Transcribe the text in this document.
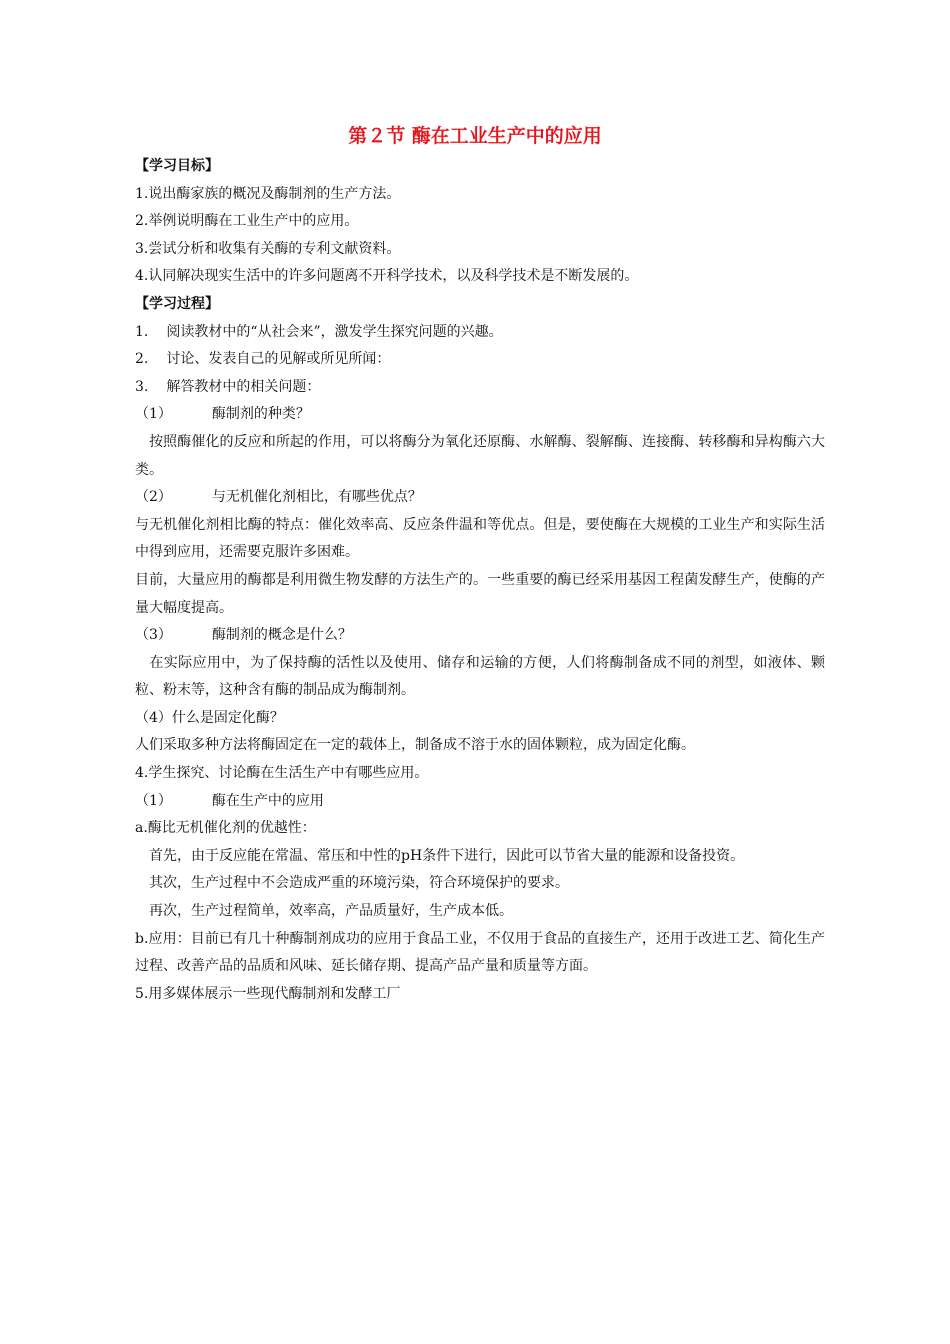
第２节 酶在工业生产中的应用
【学习目标】
1.说出酶家族的概况及酶制剂的生产方法。
2.举例说明酶在工业生产中的应用。
3.尝试分析和收集有关酶的专利文献资料。
4.认同解决现实生活中的许多问题离不开科学技术，以及科学技术是不断发展的。
【学习过程】
1. 阅读教材中的“从社会来”，激发学生探究问题的兴趣。
2. 讨论、发表自己的见解或所见所闻：
3. 解答教材中的相关问题：
（1）	酶制剂的种类？
　按照酶催化的反应和所起的作用，可以将酶分为氧化还原酶、水解酶、裂解酶、连接酶、转移酶和异构酶六大类。
（2）	与无机催化剂相比，有哪些优点？
与无机催化剂相比酶的特点：催化效率高、反应条件温和等优点。但是，要使酶在大规模的工业生产和实际生活中得到应用，还需要克服许多困难。
目前，大量应用的酶都是利用微生物发酵的方法生产的。一些重要的酶已经采用基因工程菌发酵生产，使酶的产量大幅度提高。
（3）	酶制剂的概念是什么？
　在实际应用中，为了保持酶的活性以及使用、储存和运输的方便，人们将酶制备成不同的剂型，如液体、颗粒、粉末等，这种含有酶的制品成为酶制剂。
（4）什么是固定化酶？
人们采取多种方法将酶固定在一定的载体上，制备成不溶于水的固体颗粒，成为固定化酶。
4.学生探究、讨论酶在生活生产中有哪些应用。
（1）	酶在生产中的应用
a.酶比无机催化剂的优越性：
　首先，由于反应能在常温、常压和中性的pH条件下进行，因此可以节省大量的能源和设备投资。
　其次，生产过程中不会造成严重的环境污染，符合环境保护的要求。
　再次，生产过程简单，效率高，产品质量好，生产成本低。
b.应用：目前已有几十种酶制剂成功的应用于食品工业，不仅用于食品的直接生产，还用于改进工艺、简化生产过程、改善产品的品质和风味、延长储存期、提高产品产量和质量等方面。
5.用多媒体展示一些现代酶制剂和发酵工厂
